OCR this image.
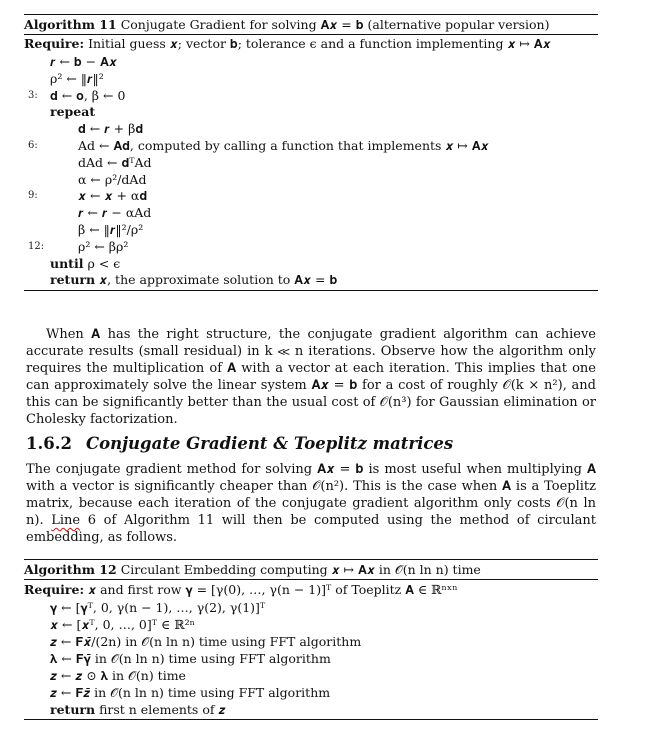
Algorithm 11 Conjugate Gradient for solving 𝐀𝒙 = 𝐛 (alternative popular version)
Require: Initial guess 𝒙; vector 𝐛; tolerance ϵ and a function implementing 𝒙 ↦ 𝐀𝒙
𝒓 ← 𝐛 − 𝐀𝒙
ρ² ← ‖𝒓‖²
3: 𝐝 ← 𝐨, β ← 0
repeat
𝐝 ← 𝒓 + β𝐝
6:	Ad ← 𝐀𝐝, computed by calling a function that implements 𝒙 ↦ 𝐀𝒙
dAd ← 𝐝ᵀAd
α ← ρ²/dAd
9:	𝒙 ← 𝒙 + α𝐝
𝒓 ← 𝒓 − αAd
β ← ‖𝒓‖²/ρ²
12:	ρ² ← βρ²
until ρ < ϵ
return 𝒙, the approximate solution to 𝐀𝒙 = 𝐛

When 𝐀 has the right structure, the conjugate gradient algorithm can achieve accurate results (small residual) in k ≪ n iterations. Observe how the algorithm only requires the multiplication of 𝐀 with a vector at each iteration. This implies that one can approximately solve the linear system 𝐀𝒙 = 𝐛 for a cost of roughly 𝒪(k × n²), and this can be significantly better than the usual cost of 𝒪(n³) for Gaussian elimination or Cholesky factorization.

1.6.2 Conjugate Gradient & Toeplitz matrices

The conjugate gradient method for solving 𝐀𝒙 = 𝐛 is most useful when multiplying 𝐀 with a vector is significantly cheaper than 𝒪(n²). This is the case when 𝐀 is a Toeplitz matrix, because each iteration of the conjugate gradient algorithm only costs 𝒪(n ln n). Line 6 of Algorithm 11 will then be computed using the method of circulant embedding, as follows.

Algorithm 12 Circulant Embedding computing 𝒙 ↦ 𝐀𝒙 in 𝒪(n ln n) time
Require: 𝒙 and first row 𝛄 = [γ(0), …, γ(n − 1)]ᵀ of Toeplitz 𝐀 ∈ ℝⁿˣⁿ
𝛄 ← [𝛄ᵀ, 0, γ(n − 1), …, γ(2), γ(1)]ᵀ
𝒙 ← [𝒙ᵀ, 0, …, 0]ᵀ ∈ ℝ²ⁿ
𝒛 ← 𝐅𝒙̄/(2n) in 𝒪(n ln n) time using FFT algorithm
𝛌 ← 𝐅𝛄̄ in 𝒪(n ln n) time using FFT algorithm
𝒛 ← 𝒛 ⊙ 𝛌 in 𝒪(n) time
𝒛 ← 𝐅𝒛̄ in 𝒪(n ln n) time using FFT algorithm
return first n elements of 𝒛
